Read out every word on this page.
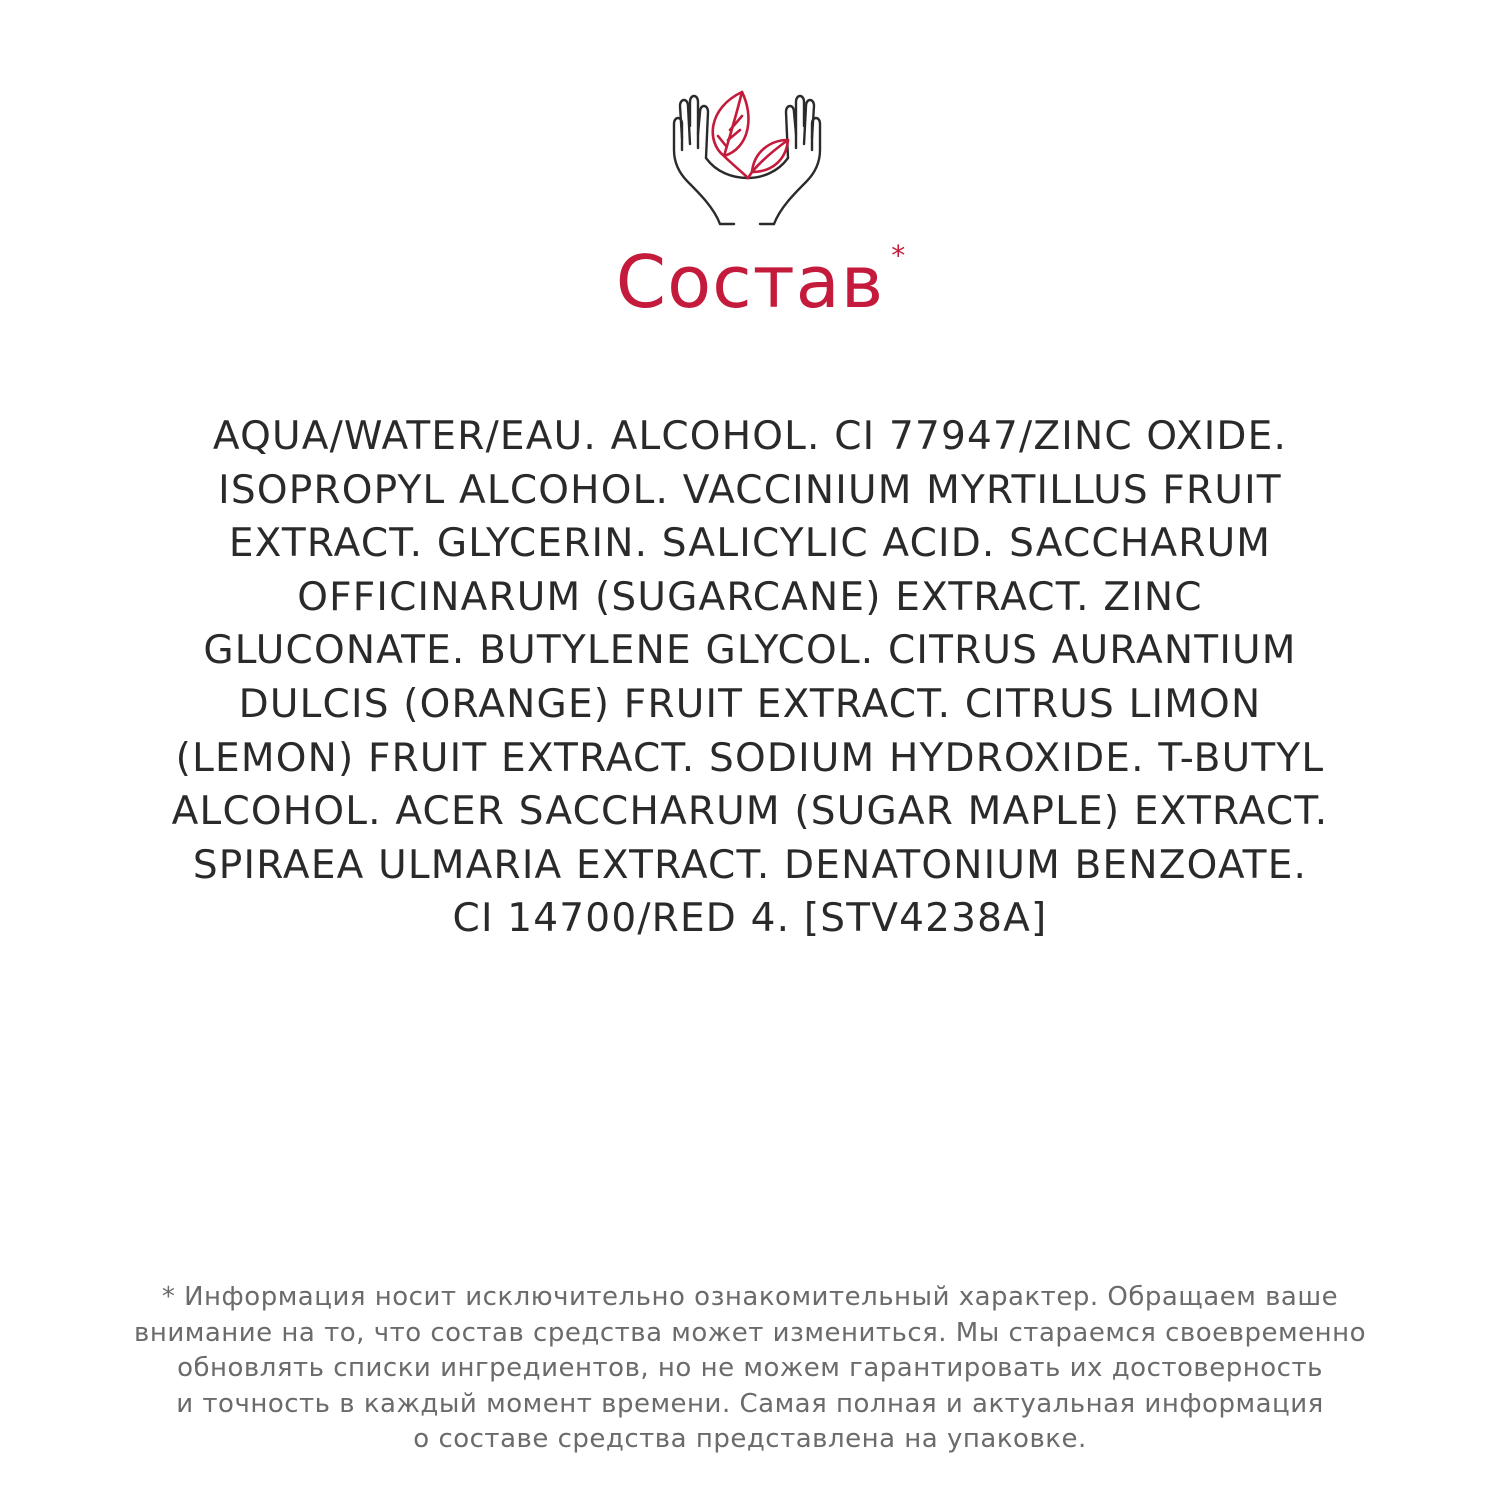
Состав *
AQUA/WATER/EAU. ALCOHOL. CI 77947/ZINC OXIDE.
ISOPROPYL ALCOHOL. VACCINIUM MYRTILLUS FRUIT
EXTRACT. GLYCERIN. SALICYLIC ACID. SACCHARUM
OFFICINARUM (SUGARCANE) EXTRACT. ZINC
GLUCONATE. BUTYLENE GLYCOL. CITRUS AURANTIUM
DULCIS (ORANGE) FRUIT EXTRACT. CITRUS LIMON
(LEMON) FRUIT EXTRACT. SODIUM HYDROXIDE. T-BUTYL
ALCOHOL. ACER SACCHARUM (SUGAR MAPLE) EXTRACT.
SPIRAEA ULMARIA EXTRACT. DENATONIUM BENZOATE.
CI 14700/RED 4. [STV4238A]
* Информация носит исключительно ознакомительный характер. Обращаем ваше
внимание на то, что состав средства может измениться. Мы стараемся своевременно
обновлять списки ингредиентов, но не можем гарантировать их достоверность
и точность в каждый момент времени. Самая полная и актуальная информация
о составе средства представлена на упаковке.
